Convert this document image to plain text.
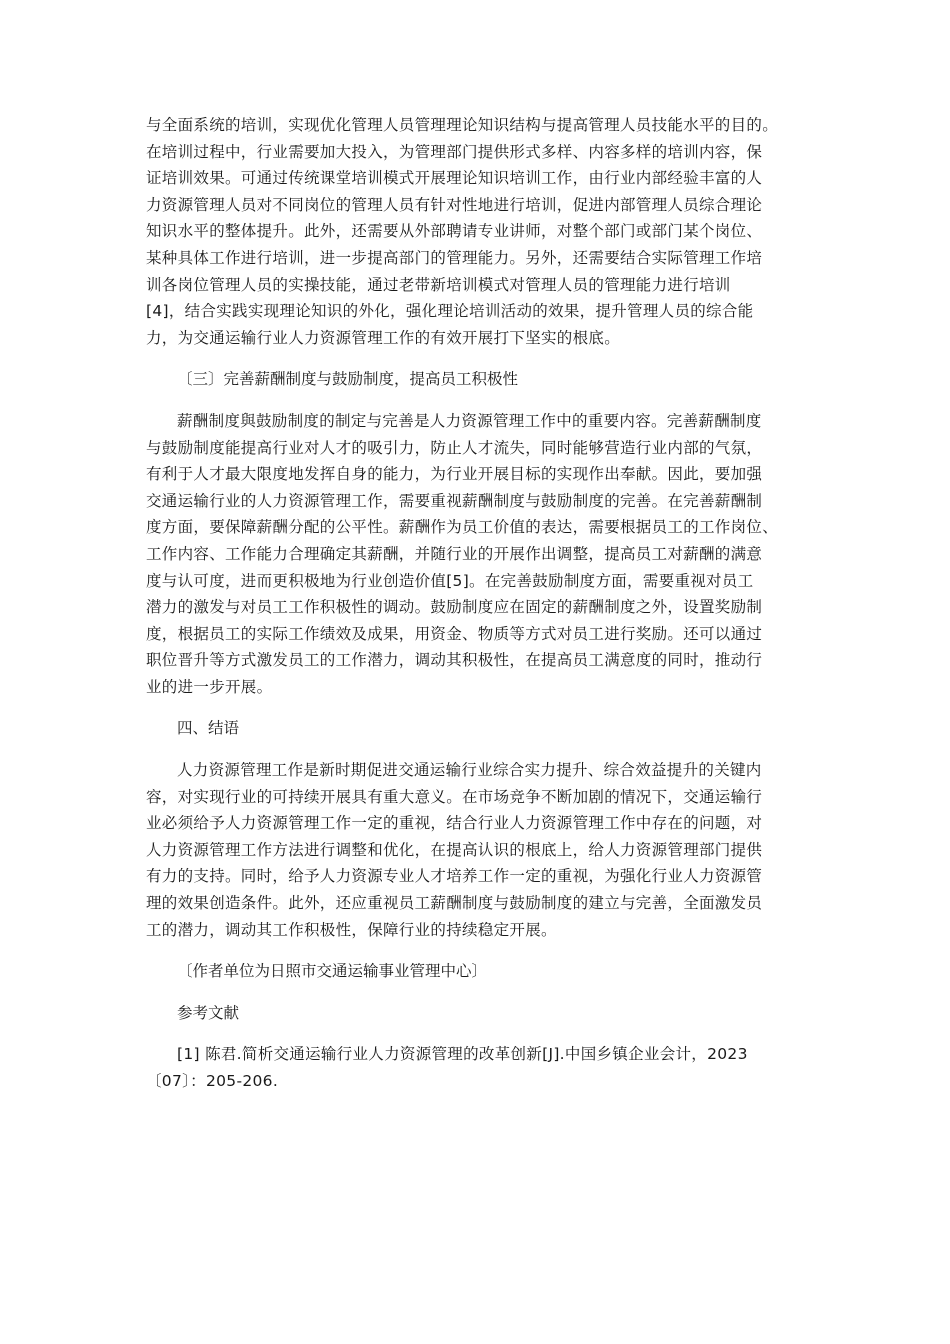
与全面系统的培训，实现优化管理人员管理理论知识结构与提高管理人员技能水平的目的。
在培训过程中，行业需要加大投入，为管理部门提供形式多样、内容多样的培训内容，保
证培训效果。可通过传统课堂培训模式开展理论知识培训工作，由行业内部经验丰富的人
力资源管理人员对不同岗位的管理人员有针对性地进行培训，促进内部管理人员综合理论
知识水平的整体提升。此外，还需要从外部聘请专业讲师，对整个部门或部门某个岗位、
某种具体工作进行培训，进一步提高部门的管理能力。另外，还需要结合实际管理工作培
训各岗位管理人员的实操技能，通过老带新培训模式对管理人员的管理能力进行培训
[4]，结合实践实现理论知识的外化，强化理论培训活动的效果，提升管理人员的综合能
力，为交通运输行业人力资源管理工作的有效开展打下坚实的根底。
〔三〕完善薪酬制度与鼓励制度，提高员工积极性
薪酬制度與鼓励制度的制定与完善是人力资源管理工作中的重要内容。完善薪酬制度
与鼓励制度能提高行业对人才的吸引力，防止人才流失，同时能够营造行业内部的气氛，
有利于人才最大限度地发挥自身的能力，为行业开展目标的实现作出奉献。因此，要加强
交通运输行业的人力资源管理工作，需要重视薪酬制度与鼓励制度的完善。在完善薪酬制
度方面，要保障薪酬分配的公平性。薪酬作为员工价值的表达，需要根据员工的工作岗位、
工作内容、工作能力合理确定其薪酬，并随行业的开展作出调整，提高员工对薪酬的满意
度与认可度，进而更积极地为行业创造价值[5]。在完善鼓励制度方面，需要重视对员工
潜力的激发与对员工工作积极性的调动。鼓励制度应在固定的薪酬制度之外，设置奖励制
度，根据员工的实际工作绩效及成果，用资金、物质等方式对员工进行奖励。还可以通过
职位晋升等方式激发员工的工作潜力，调动其积极性，在提高员工满意度的同时，推动行
业的进一步开展。
四、结语
人力资源管理工作是新时期促进交通运输行业综合实力提升、综合效益提升的关键内
容，对实现行业的可持续开展具有重大意义。在市场竞争不断加剧的情况下，交通运输行
业必须给予人力资源管理工作一定的重视，结合行业人力资源管理工作中存在的问题，对
人力资源管理工作方法进行调整和优化，在提高认识的根底上，给人力资源管理部门提供
有力的支持。同时，给予人力资源专业人才培养工作一定的重视，为强化行业人力资源管
理的效果创造条件。此外，还应重视员工薪酬制度与鼓励制度的建立与完善，全面激发员
工的潜力，调动其工作积极性，保障行业的持续稳定开展。
〔作者单位为日照市交通运输事业管理中心〕
参考文献
[1] 陈君.简析交通运输行业人力资源管理的改革创新[J].中国乡镇企业会计，2023
〔07〕：205-206.
